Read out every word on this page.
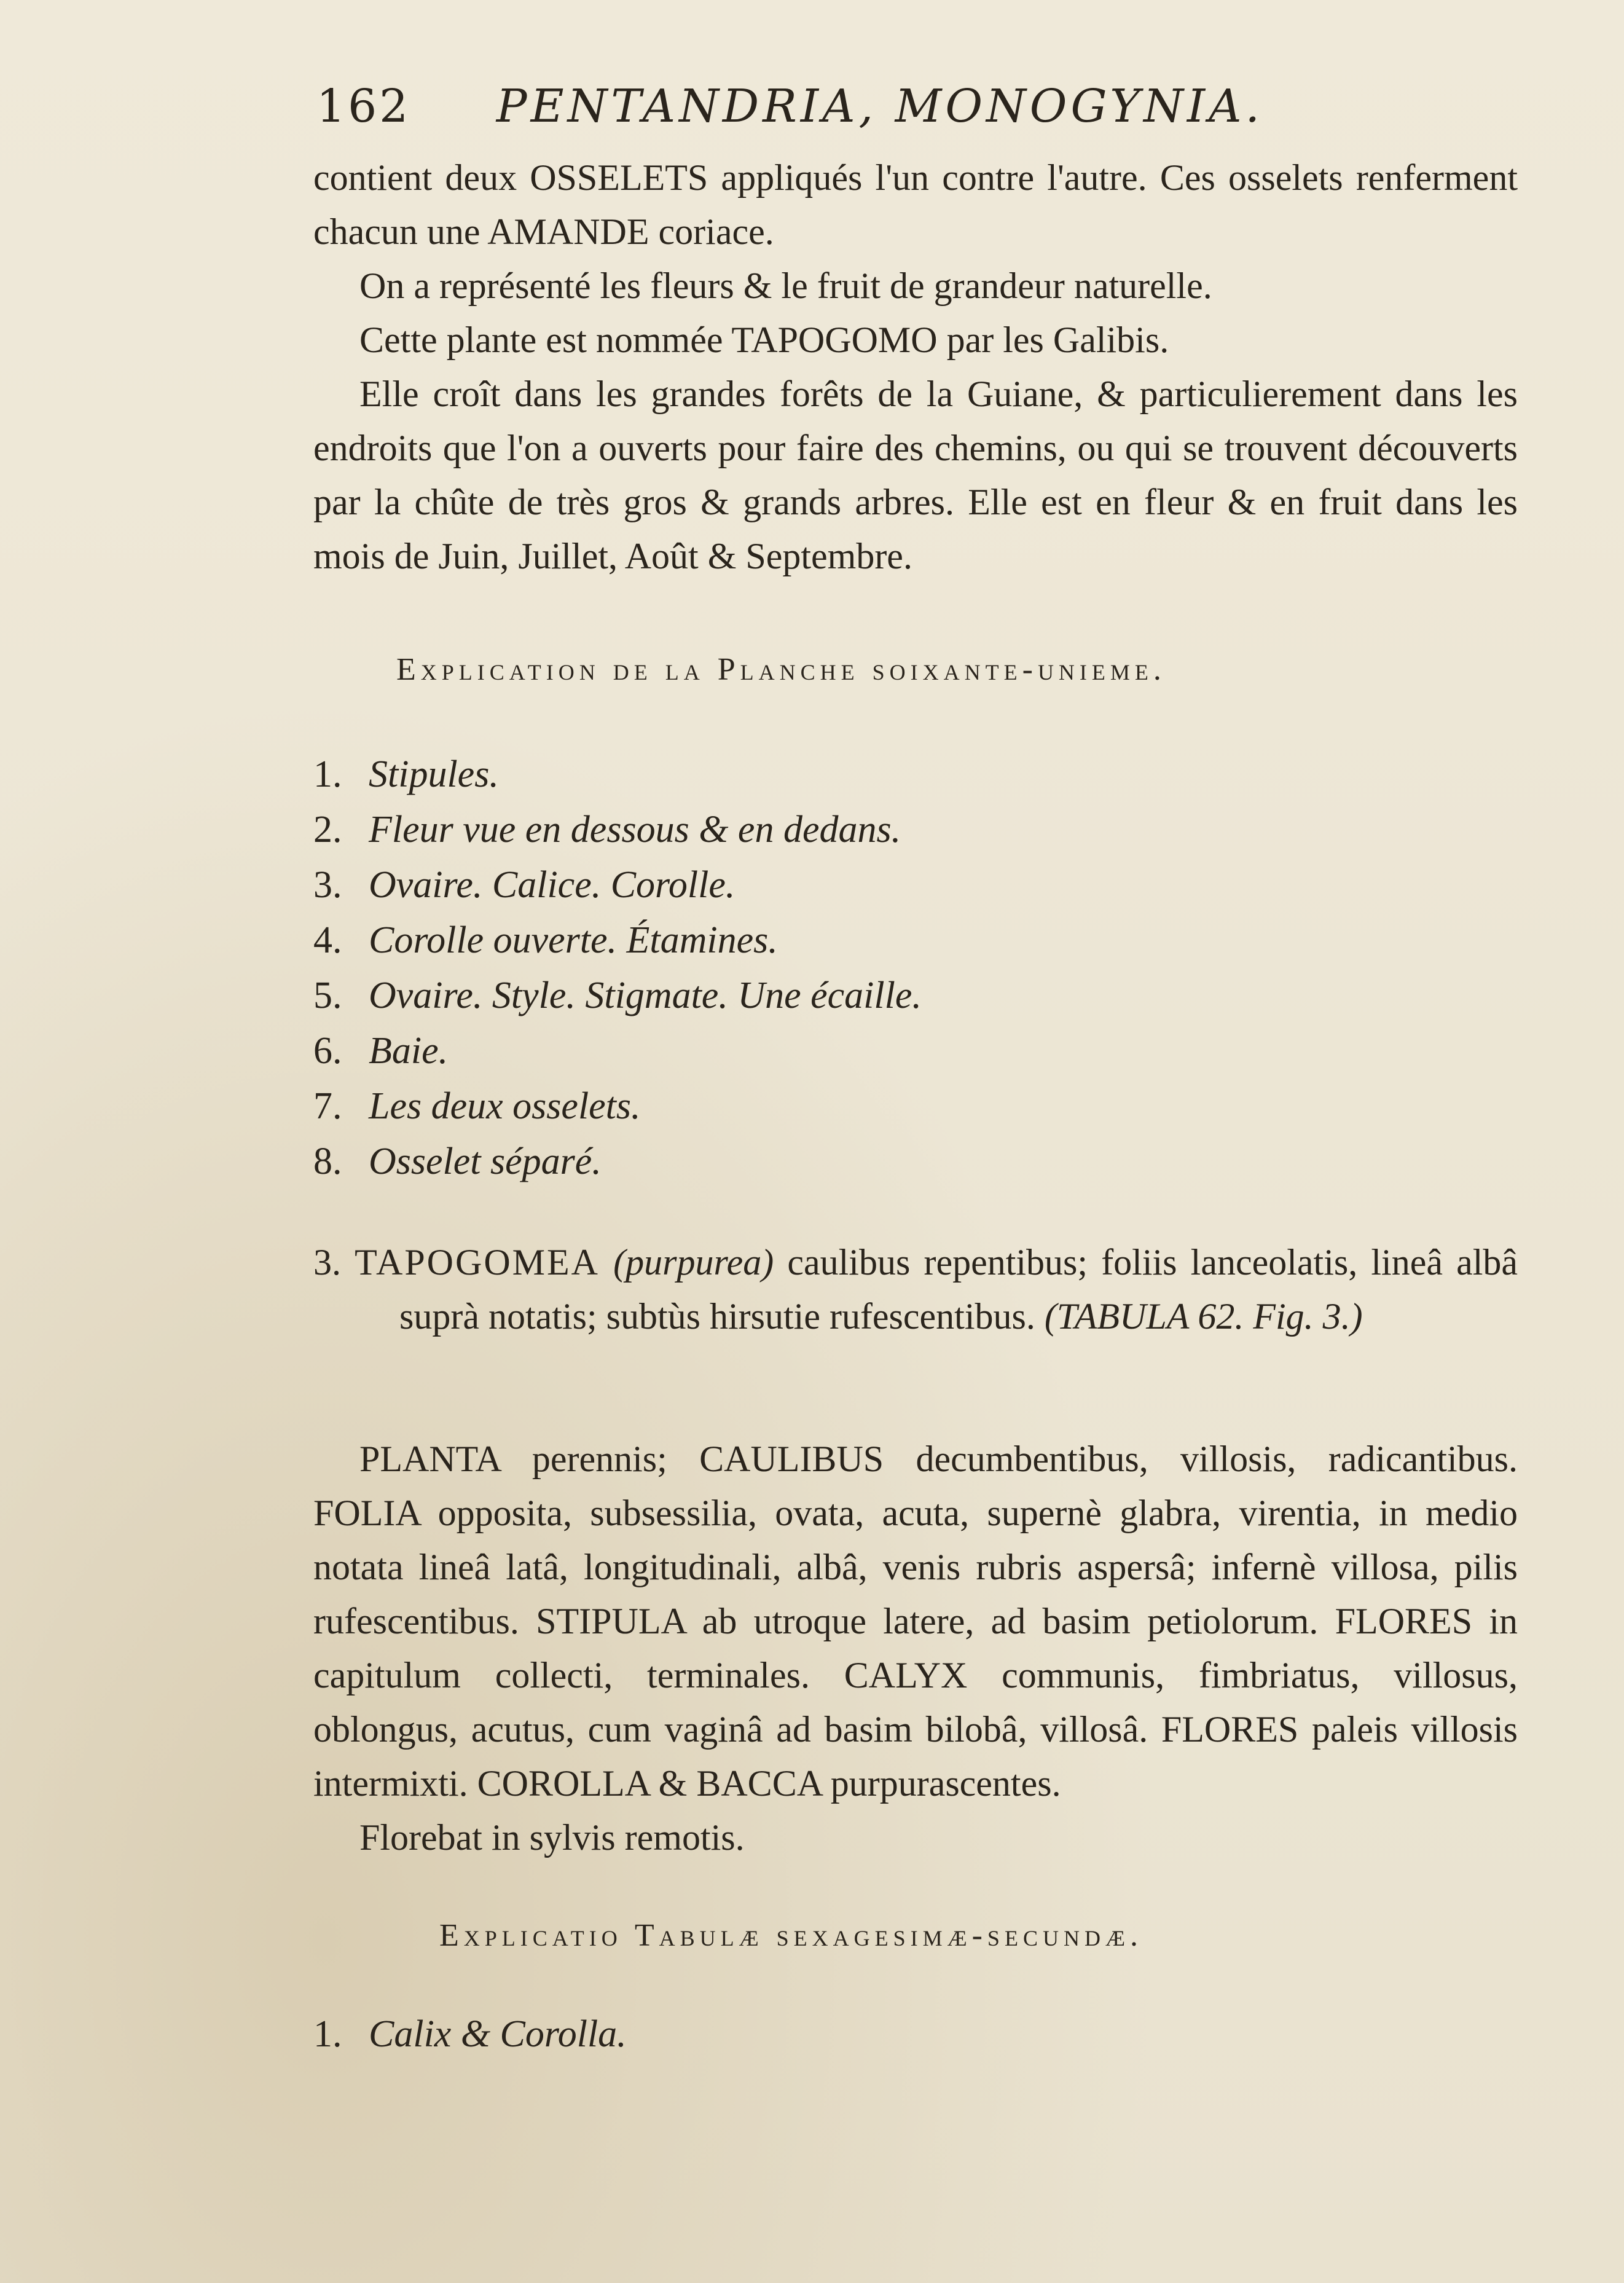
162 PENTANDRIA, MONOGYNIA.

contient deux OSSELETS appliqués l'un contre l'autre. Ces osselets renferment chacun une AMANDE coriace.

On a représenté les fleurs & le fruit de grandeur naturelle.

Cette plante est nommée TAPOGOMO par les Galibis.

Elle croît dans les grandes forêts de la Guiane, & particulierement dans les endroits que l'on a ouverts pour faire des chemins, ou qui se trouvent découverts par la chûte de très gros & grands arbres. Elle est en fleur & en fruit dans les mois de Juin, Juillet, Août & Septembre.

Explication de la Planche soixante-unieme.
1. Stipules.
2. Fleur vue en dessous & en dedans.
3. Ovaire. Calice. Corolle.
4. Corolle ouverte. Étamines.
5. Ovaire. Style. Stigmate. Une écaille.
6. Baie.
7. Les deux osselets.
8. Osselet séparé.

3. TAPOGOMEA (purpurea) caulibus repentibus; foliis lanceolatis, lineâ albâ suprà notatis; subtùs hirsutie rufescentibus. (TABULA 62. Fig. 3.)

PLANTA perennis; CAULIBUS decumbentibus, villosis, radicantibus. FOLIA opposita, subsessilia, ovata, acuta, supernè glabra, virentia, in medio notata lineâ latâ, longitudinali, albâ, venis rubris aspersâ; infernè villosa, pilis rufescentibus. STIPULA ab utroque latere, ad basim petiolorum. FLORES in capitulum collecti, terminales. CALYX communis, fimbriatus, villosus, oblongus, acutus, cum vaginâ ad basim bilobâ, villosâ. FLORES paleis villosis intermixti. COROLLA & BACCA purpurascentes.

Florebat in sylvis remotis.

Explicatio Tabulæ sexagesimæ-secundæ.
1. Calix & Corolla.
